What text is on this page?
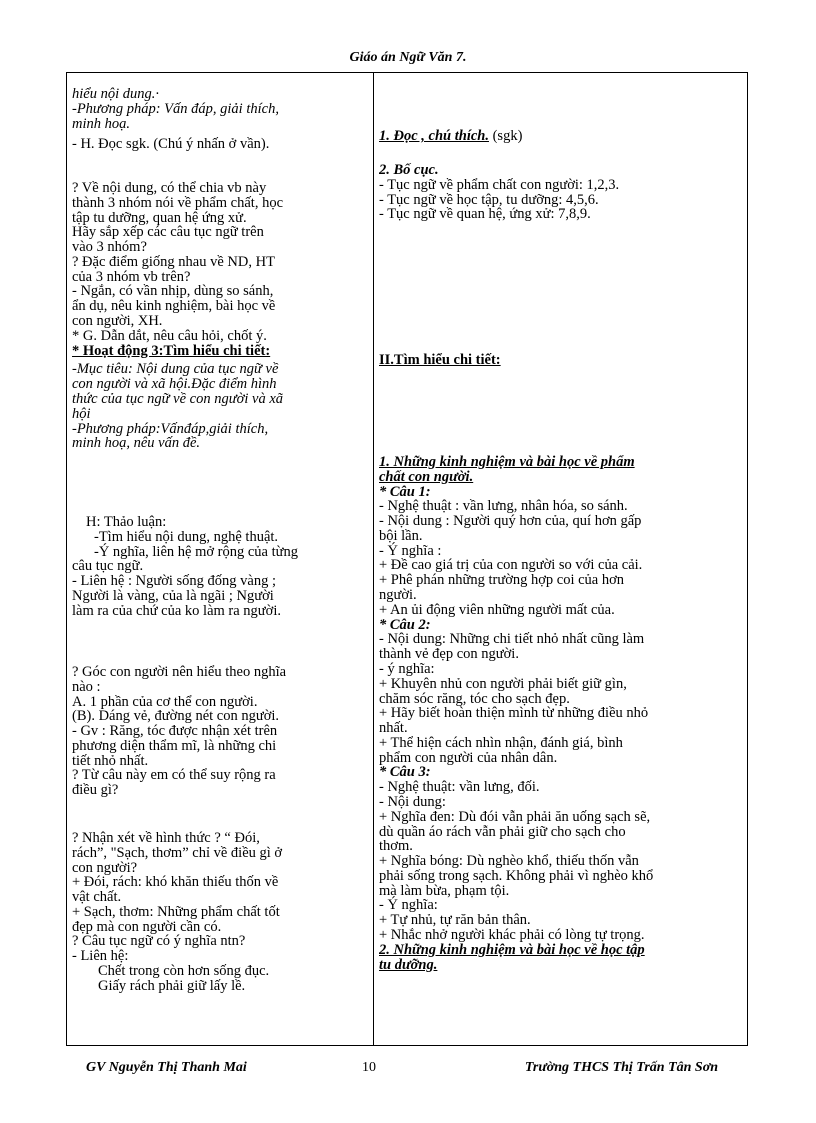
Giáo án Ngữ Văn 7.

hiểu nội dung.·

-Phương pháp: Vấn đáp, giải thích,

minh hoạ.

- H. Đọc sgk. (Chú ý nhấn ở vần).

? Về nội dung, có thể chia vb này

thành 3 nhóm nói về phẩm chất, học

tập tu dưỡng, quan hệ ứng xử.

Hãy sắp xếp các câu tục ngữ trên

vào 3 nhóm?

? Đặc điểm giống nhau về ND, HT

của 3 nhóm vb trên?

- Ngắn, có vần nhịp, dùng so sánh,

ẩn dụ, nêu kinh nghiệm, bài học về

con người, XH.

* G. Dẫn dắt, nêu câu hỏi, chốt ý.

* Hoạt động 3:Tìm hiểu chi tiết:

-Mục tiêu: Nội dung của tục ngữ về

con người và xã hội.Đặc điểm hình

thức của tục ngữ về con người và xã

hội

-Phương pháp:Vấnđáp,giải thích,

minh hoạ, nêu vấn đề.

H: Thảo luận:

-Tìm hiểu nội dung, nghệ thuật.

-Ý nghĩa, liên hệ mở rộng của từng

câu tục ngữ.

- Liên hệ : Người sống đống vàng ;

Người là vàng, của là ngãi ; Người

làm ra của chứ của ko làm ra người.

? Góc con người nên hiểu theo nghĩa

nào :

A. 1 phần của cơ thể con người.

(B). Dáng vẻ, đường nét con người.

- Gv : Răng, tóc được nhận xét trên

phương diện thẩm mĩ, là những chi

tiết nhỏ nhất.

? Từ câu này em có thể suy rộng ra

điều gì?

? Nhận xét về hình thức ? “ Đói,

rách”, "Sạch, thơm” chỉ về điều gì ở

con người?

+ Đói, rách: khó khăn thiếu thốn về

vật chất.

+ Sạch, thơm: Những phẩm chất tốt

đẹp mà con người cần có.

? Câu tục ngữ có ý nghĩa ntn?

- Liên hệ:

Chết trong còn hơn sống đục.

Giấy rách phải giữ lấy lề.

1. Đọc , chú thích. (sgk)

2. Bố cục.

- Tục ngữ về phẩm chất con người: 1,2,3.

- Tục ngữ về học tập, tu dưỡng: 4,5,6.

- Tục ngữ về quan hệ, ứng xử: 7,8,9.

II.Tìm hiểu chi tiết:

1. Những kinh nghiệm và bài học về phẩm

chất con người.

* Câu 1:

- Nghệ thuật : vần lưng, nhân hóa, so sánh.

- Nội dung : Người quý hơn của, quí hơn gấp

bội lần.

- Ý nghĩa :

+ Đề cao giá trị của con người so với của cải.

+ Phê phán những trường hợp coi của hơn

người.

+ An ủi động viên những người mất của.

* Câu 2:

- Nội dung: Những chi tiết nhỏ nhất cũng làm

thành vẻ đẹp con người.

- ý nghĩa:

+ Khuyên nhủ con người phải biết giữ gìn,

chăm sóc răng, tóc cho sạch đẹp.

+ Hãy biết hoàn thiện mình từ những điều nhỏ

nhất.

+ Thể hiện cách nhìn nhận, đánh giá, bình

phẩm con người của nhân dân.

* Câu 3:

- Nghệ thuật: vần lưng, đối.

- Nội dung:

+ Nghĩa đen: Dù đói vẫn phải ăn uống sạch sẽ,

dù quần áo rách vẫn phải giữ cho sạch cho

thơm.

+ Nghĩa bóng: Dù nghèo khổ, thiếu thốn vẫn

phải sống trong sạch. Không phải vì nghèo khổ

mà làm bừa, phạm tội.

- Ý nghĩa:

+ Tự nhủ, tự răn bản thân.

+ Nhắc nhở người khác phải có lòng tự trọng.

2. Những kinh nghiệm và bài học về học tập

tu dưỡng.

GV Nguyễn Thị Thanh Mai	10	Trường THCS Thị Trấn Tân Sơn
